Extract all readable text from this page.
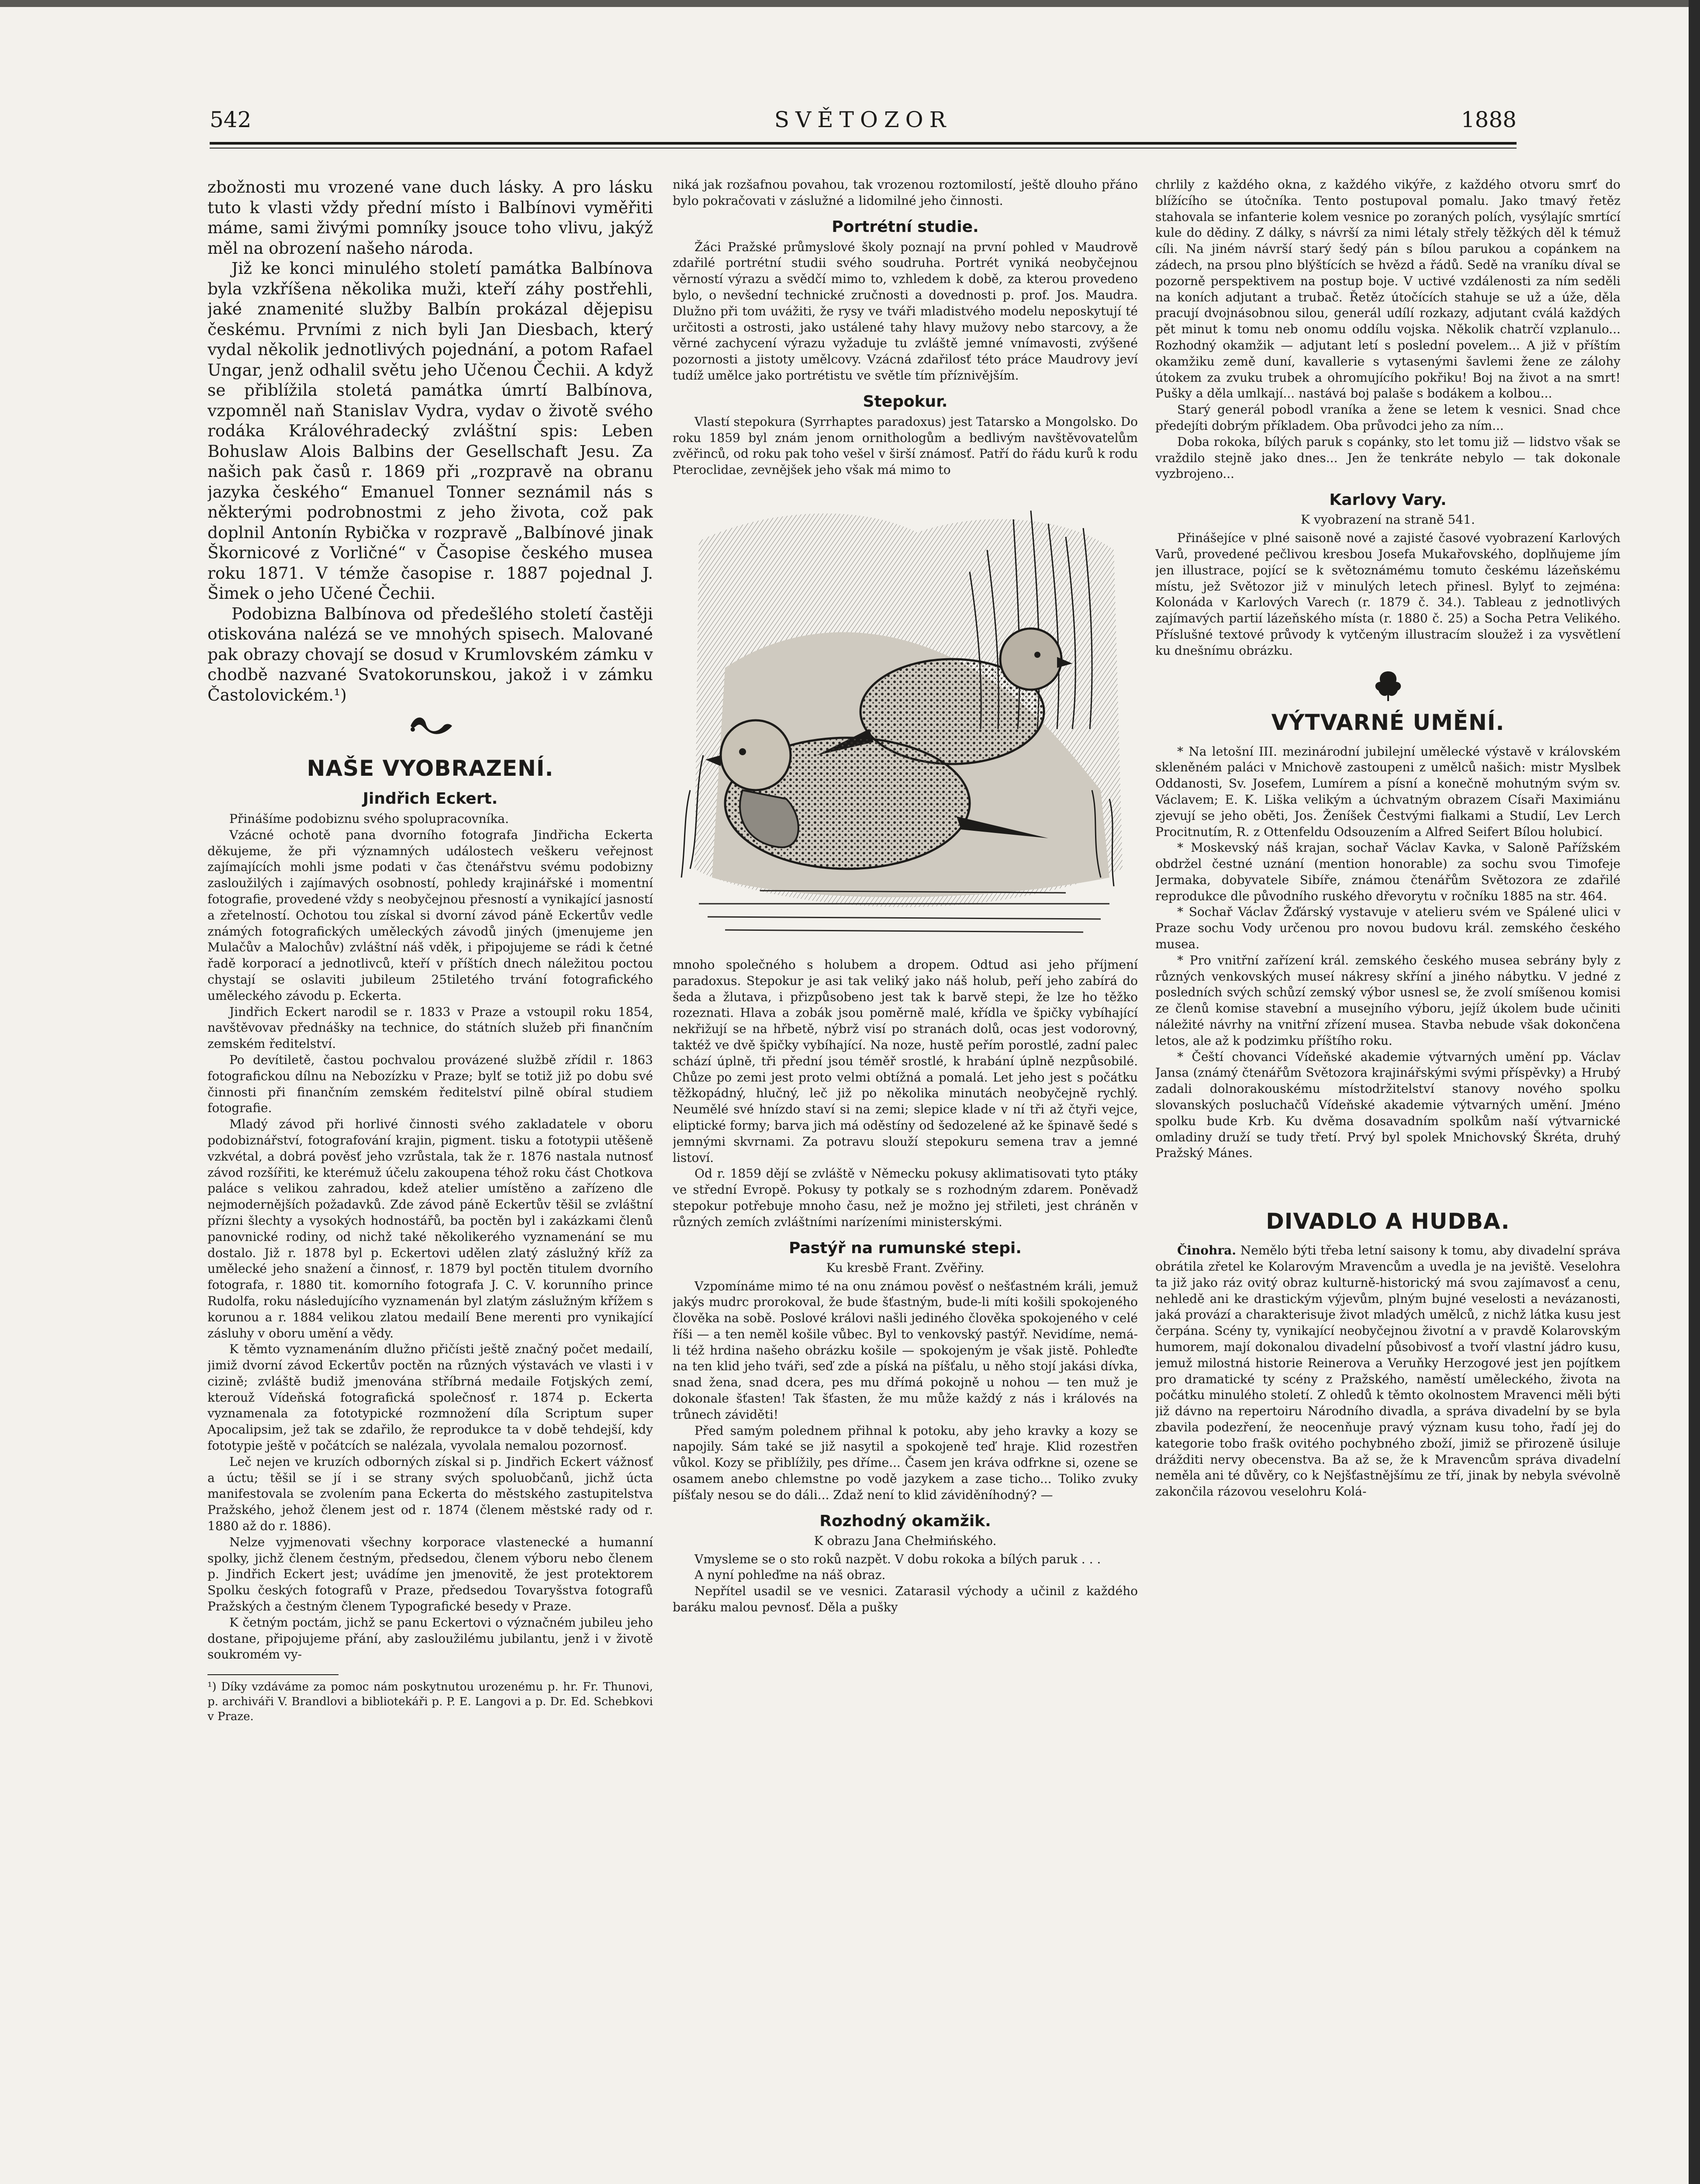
542	SVĚTOZOR	1888

zbožnosti mu vrozené vane duch lásky. A pro lásku tuto k vlasti vždy přední místo i Balbínovi vyměřiti máme, sami živými pomníky jsouce toho vlivu, jakýž měl na obrození našeho národa.

Již ke konci minulého století památka Balbínova byla vzkříšena několika muži, kteří záhy postřehli, jaké znamenité služby Balbín prokázal dějepisu českému. Prvními z nich byli Jan Diesbach, který vydal několik jednotlivých pojednání, a potom Rafael Ungar, jenž odhalil světu jeho Učenou Čechii. A když se přiblížila stoletá památka úmrtí Balbínova, vzpomněl naň Stanislav Vydra, vydav o životě svého rodáka Královéhradecký zvláštní spis: Leben Bohuslaw Alois Balbins der Gesellschaft Jesu. Za našich pak časů r. 1869 při „rozpravě na obranu jazyka českého“ Emanuel Tonner seznámil nás s některými podrobnostmi z jeho života, což pak doplnil Antonín Rybička v rozpravě „Balbínové jinak Škornicové z Vorličné“ v Časopise českého musea roku 1871. V témže časopise r. 1887 pojednal J. Šimek o jeho Učené Čechii.

Podobizna Balbínova od předešlého století častěji otiskována nalézá se ve mnohých spisech. Malované pak obrazy chovají se dosud v Krumlovském zámku v chodbě nazvané Svatokorunskou, jakož i v zámku Častolovickém.¹)

NAŠE VYOBRAZENÍ.
Jindřich Eckert.

Přinášíme podobiznu svého spolupracovníka.

Vzácné ochotě pana dvorního fotografa Jindřicha Eckerta děkujeme, že při významných událostech veškeru veřejnost zajímajících mohli jsme podati v čas čtenářstvu svému podobizny zasloužilých i zajímavých osobností, pohledy krajinářské i momentní fotografie, provedené vždy s neobyčejnou přesností a vynikající jasností a zřetelností. Ochotou tou získal si dvorní závod páně Eckertův vedle známých fotografických uměleckých závodů jiných (jmenujeme jen Mulačův a Malochův) zvláštní náš vděk, i připojujeme se rádi k četné řadě korporací a jednotlivců, kteří v příštích dnech náležitou poctou chystají se oslaviti jubileum 25tiletého trvání fotografického uměleckého závodu p. Eckerta.

Jindřich Eckert narodil se r. 1833 v Praze a vstoupil roku 1854, navštěvovav přednášky na technice, do státních služeb při finančním zemském ředitelství.

Po devítiletě, častou pochvalou provázené službě zřídil r. 1863 fotografickou dílnu na Nebozízku v Praze; bylť se totiž již po dobu své činnosti při finančním zemském ředitelství pilně obíral studiem fotografie.

Mladý závod při horlivé činnosti svého zakladatele v oboru podobiznářství, fotografování krajin, pigment. tisku a fototypii utěšeně vzkvétal, a dobrá pověsť jeho vzrůstala, tak že r. 1876 nastala nutnosť závod rozšířiti, ke kterémuž účelu zakoupena téhož roku část Chotkova paláce s velikou zahradou, kdež atelier umístěno a zařízeno dle nejmodernějších požadavků. Zde závod páně Eckertův těšil se zvláštní přízni šlechty a vysokých hodnostářů, ba poctěn byl i zakázkami členů panovnické rodiny, od nichž také několikerého vyznamenání se mu dostalo. Již r. 1878 byl p. Eckertovi udělen zlatý záslužný kříž za umělecké jeho snažení a činnosť, r. 1879 byl poctěn titulem dvorního fotografa, r. 1880 tit. komorního fotografa J. C. V. korunního prince Rudolfa, roku následujícího vyznamenán byl zlatým záslužným křížem s korunou a r. 1884 velikou zlatou medailí Bene merenti pro vynikající zásluhy v oboru umění a vědy.

K těmto vyznamenáním dlužno přičísti ještě značný počet medailí, jimiž dvorní závod Eckertův poctěn na různých výstavách ve vlasti i v cizině; zvláště budiž jmenována stříbrná medaile Fotjských zemí, kterouž Vídeňská fotografická společnosť r. 1874 p. Eckerta vyznamenala za fototypické rozmnožení díla Scriptum super Apocalipsim, jež tak se zdařilo, že reprodukce ta v době tehdejší, kdy fototypie ještě v počátcích se nalézala, vyvolala nemalou pozornosť.

Leč nejen ve kruzích odborných získal si p. Jindřich Eckert vážnosť a úctu; těšil se jí i se strany svých spoluobčanů, jichž úcta manifestovala se zvolením pana Eckerta do městského zastupitelstva Pražského, jehož členem jest od r. 1874 (členem městské rady od r. 1880 až do r. 1886).

Nelze vyjmenovati všechny korporace vlastenecké a humanní spolky, jichž členem čestným, předsedou, členem výboru nebo členem p. Jindřich Eckert jest; uvádíme jen jmenovitě, že jest protektorem Spolku českých fotografů v Praze, předsedou Tovaryšstva fotografů Pražských a čestným členem Typografické besedy v Praze.

K četným poctám, jichž se panu Eckertovi o význačném jubileu jeho dostane, připojujeme přání, aby zasloužilému jubilantu, jenž i v životě soukromém vy-

¹) Díky vzdáváme za pomoc nám poskytnutou urozenému p. hr. Fr. Thunovi, p. archiváři V. Brandlovi a bibliotekáři p. P. E. Langovi a p. Dr. Ed. Schebkovi v Praze.

niká jak rozšafnou povahou, tak vrozenou roztomilostí, ještě dlouho přáno bylo pokračovati v záslužné a lidomilné jeho činnosti.

Portrétní studie.

Žáci Pražské průmyslové školy poznají na první pohled v Maudrově zdařilé portrétní studii svého soudruha. Portrét vyniká neobyčejnou věrností výrazu a svědčí mimo to, vzhledem k době, za kterou provedeno bylo, o nevšední technické zručnosti a dovednosti p. prof. Jos. Maudra. Dlužno při tom uvážiti, že rysy ve tváři mladistvého modelu neposkytují té určitosti a ostrosti, jako ustálené tahy hlavy mužovy nebo starcovy, a že věrné zachycení výrazu vyžaduje tu zvláště jemné vnímavosti, zvýšené pozornosti a jistoty umělcovy. Vzácná zdařilosť této práce Maudrovy jeví tudíž umělce jako portrétistu ve světle tím příznivějším.

Stepokur.

Vlastí stepokura (Syrrhaptes paradoxus) jest Tatarsko a Mongolsko. Do roku 1859 byl znám jenom ornithologům a bedlivým navštěvovatelům zvěřinců, od roku pak toho vešel v širší známosť. Patří do řádu kurů k rodu Pteroclidae, zevnějšek jeho však má mimo to

mnoho společného s holubem a dropem. Odtud asi jeho příjmení paradoxus. Stepokur je asi tak veliký jako náš holub, peří jeho zabírá do šeda a žlutava, i přizpůsobeno jest tak k barvě stepi, že lze ho těžko rozeznati. Hlava a zobák jsou poměrně malé, křídla ve špičky vybíhající nekřižují se na hřbetě, nýbrž visí po stranách dolů, ocas jest vodorovný, taktéž ve dvě špičky vybíhající. Na noze, hustě peřím porostlé, zadní palec schází úplně, tři přední jsou téměř srostlé, k hrabání úplně nezpůsobilé. Chůze po zemi jest proto velmi obtížná a pomalá. Let jeho jest s počátku těžkopádný, hlučný, leč již po několika minutách neobyčejně rychlý. Neumělé své hnízdo staví si na zemi; slepice klade v ní tři až čtyři vejce, eliptické formy; barva jich má oděstíny od šedozelené až ke špinavě šedé s jemnými skvrnami. Za potravu slouží stepokuru semena trav a jemné listoví.

Od r. 1859 dějí se zvláště v Německu pokusy aklimatisovati tyto ptáky ve střední Evropě. Pokusy ty potkaly se s rozhodným zdarem. Poněvadž stepokur potřebuje mnoho času, než je možno jej střileti, jest chráněn v různých zemích zvláštními narízeními ministerskými.

Pastýř na rumunské stepi.
Ku kresbě Frant. Zvěřiny.

Vzpomínáme mimo té na onu známou pověsť o nešťastném králi, jemuž jakýs mudrc prorokoval, že bude šťastným, bude-li míti košili spokojeného člověka na sobě. Poslové královi našli jediného člověka spokojeného v celé říši — a ten neměl košile vůbec. Byl to venkovský pastýř. Nevidíme, nemá-li též hrdina našeho obrázku košile — spokojeným je však jistě. Pohleďte na ten klid jeho tváři, seď zde a píská na píšťalu, u něho stojí jakási dívka, snad žena, snad dcera, pes mu dřímá pokojně u nohou — ten muž je dokonale šťasten! Tak šťasten, že mu může každý z nás i královés na trůnech záviděti!

Před samým polednem přihnal k potoku, aby jeho kravky a kozy se napojily. Sám také se již nasytil a spokojeně teď hraje. Klid rozestřen vůkol. Kozy se přiblížily, pes dříme... Časem jen kráva odfrkne si, ozene se osamem anebo chlemstne po vodě jazykem a zase ticho... Toliko zvuky píšťaly nesou se do dáli... Zdaž není to klid záviděníhodný? —

Rozhodný okamžik.
K obrazu Jana Chełmińského.

Vmysleme se o sto roků nazpět. V dobu rokoka a bílých paruk . . .

A nyní pohleďme na náš obraz.

Nepřítel usadil se ve vesnici. Zatarasil východy a učinil z každého baráku malou pevnosť. Děla a pušky

chrlily z každého okna, z každého vikýře, z každého otvoru smrť do blížícího se útočníka. Tento postupoval pomalu. Jako tmavý řetěz stahovala se infanterie kolem vesnice po zoraných polích, vysýlajíc smrtící kule do dědiny. Z dálky, s návrší za nimi létaly střely těžkých děl k témuž cíli. Na jiném návrší starý šedý pán s bílou parukou a copánkem na zádech, na prsou plno blýštících se hvězd a řádů. Sedě na vraníku díval se pozorně perspektivem na postup boje. V uctivé vzdálenosti za ním seděli na koních adjutant a trubač. Řetěz útočících stahuje se už a úže, děla pracují dvojnásobnou silou, generál udílí rozkazy, adjutant cválá každých pět minut k tomu neb onomu oddílu vojska. Několik chatrčí vzplanulo... Rozhodný okamžik — adjutant letí s poslední povelem... A již v příštím okamžiku země duní, kavallerie s vytasenými šavlemi žene ze zálohy útokem za zvuku trubek a ohromujícího pokřiku! Boj na život a na smrt! Pušky a děla umlkají... nastává boj palaše s bodákem a kolbou...

Starý generál pobodl vraníka a žene se letem k vesnici. Snad chce předejíti dobrým příkladem. Oba průvodci jeho za ním...

Doba rokoka, bílých paruk s copánky, sto let tomu již — lidstvo však se vraždilo stejně jako dnes... Jen že tenkráte nebylo — tak dokonale vyzbrojeno...

Karlovy Vary.
K vyobrazení na straně 541.

Přinášejíce v plné saisoně nové a zajisté časové vyobrazení Karlových Varů, provedené pečlivou kresbou Josefa Mukařovského, doplňujeme jím jen illustrace, pojící se k světoznámému tomuto českému lázeňskému místu, jež Světozor již v minulých letech přinesl. Bylyť to zejména: Kolonáda v Karlových Varech (r. 1879 č. 34.). Tableau z jednotlivých zajímavých partií lázeňského místa (r. 1880 č. 25) a Socha Petra Velikého. Příslušné textové průvody k vytčeným illustracím sloužež i za vysvětlení ku dnešnímu obrázku.

VÝTVARNÉ UMĚNÍ.

* Na letošní III. mezinárodní jubilejní umělecké výstavě v královském skleněném paláci v Mnichově zastoupeni z umělců našich: mistr Myslbek Oddanosti, Sv. Josefem, Lumírem a písní a konečně mohutným svým sv. Václavem; E. K. Liška velikým a úchvatným obrazem Císaři Maximiánu zjevují se jeho oběti, Jos. Ženíšek Čestvými fialkami a Studií, Lev Lerch Procitnutím, R. z Ottenfeldu Odsouzením a Alfred Seifert Bílou holubicí.

* Moskevský náš krajan, sochař Václav Kavka, v Saloně Pařížském obdržel čestné uznání (mention honorable) za sochu svou Timofeje Jermaka, dobyvatele Sibíře, známou čtenářům Světozora ze zdařilé reprodukce dle původního ruského dřevorytu v ročníku 1885 na str. 464.

* Sochař Václav Žďárský vystavuje v atelieru svém ve Spálené ulici v Praze sochu Vody určenou pro novou budovu král. zemského českého musea.

* Pro vnitřní zařízení král. zemského českého musea sebrány byly z různých venkovských museí nákresy skříní a jiného nábytku. V jedné z posledních svých schůzí zemský výbor usnesl se, že zvolí smíšenou komisi ze členů komise stavební a musejního výboru, jejíž úkolem bude učiniti náležité návrhy na vnitřní zřízení musea. Stavba nebude však dokončena letos, ale až k podzimku příštího roku.

* Čeští chovanci Vídeňské akademie výtvarných umění pp. Václav Jansa (známý čtenářům Světozora krajinářskými svými příspěvky) a Hrubý zadali dolnorakouskému místodržitelství stanovy nového spolku slovanských posluchačů Vídeňské akademie výtvarných umění. Jméno spolku bude Krb. Ku dvěma dosavadním spolkům naší výtvarnické omladiny druží se tudy třetí. Prvý byl spolek Mnichovský Škréta, druhý Pražský Mánes.

DIVADLO A HUDBA.

Činohra. Nemělo býti třeba letní saisony k tomu, aby divadelní správa obrátila zřetel ke Kolarovým Mravencům a uvedla je na jeviště. Veselohra ta již jako ráz ovitý obraz kulturně-historický má svou zajímavosť a cenu, nehledě ani ke drastickým výjevům, plným bujné veselosti a nevázanosti, jaká provází a charakterisuje život mladých umělců, z nichž látka kusu jest čerpána. Scény ty, vynikající neobyčejnou životní a v pravdě Kolarovským humorem, mají dokonalou divadelní působivosť a tvoří vlastní jádro kusu, jemuž milostná historie Reinerova a Veruňky Herzogové jest jen pojítkem pro dramatické ty scény z Pražského, naměstí uměleckého, života na počátku minulého století. Z ohledů k těmto okolnostem Mravenci měli býti již dávno na repertoiru Národního divadla, a správa divadelní by se byla zbavila podezření, že neocenňuje pravý význam kusu toho, řadí jej do kategorie tobo frašk ovitého pochybného zboží, jimiž se přirozeně úsiluje drážditi nervy obecenstva. Ba až se, že k Mravencům správa divadelní neměla ani té důvěry, co k Nejšťastnějšímu ze tří, jinak by nebyla svévolně zakončila rázovou veselohru Kolá-
